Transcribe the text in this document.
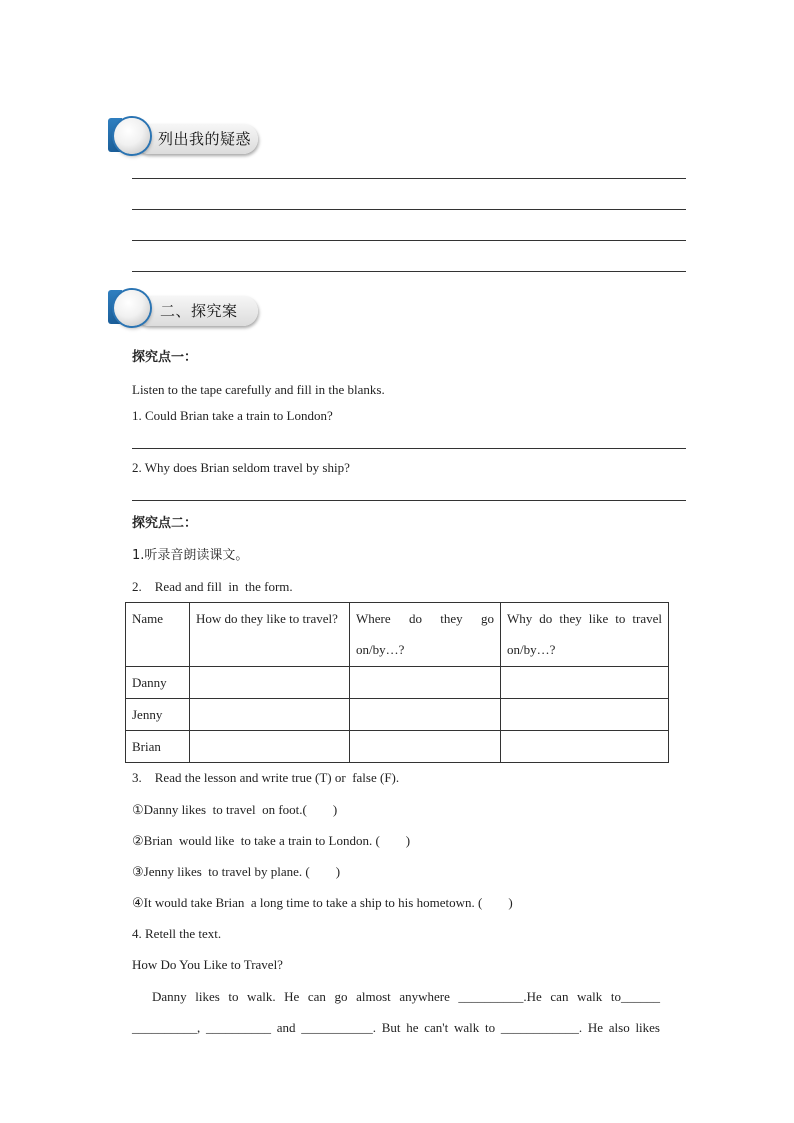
列出我的疑惑
二、探究案
探究点一：
Listen to the tape carefully and fill in the blanks.
1. Could Brian take a train to London?
2. Why does Brian seldom travel by ship?
探究点二：
1.听录音朗读课文。
2.    Read and fill  in  the form.
Name	How do they like to travel?	Where do they go on/by…?	Why do they like to travel on/by…?
Danny			
Jenny			
Brian			
3.    Read the lesson and write true (T) or  false (F).
①Danny likes  to travel  on foot.(        )
②Brian  would like  to take a train to London. (        )
③Jenny likes  to travel by plane. (        )
④It would take Brian  a long time to take a ship to his hometown. (        )
4. Retell the text.
How Do You Like to Travel?
Danny likes to walk. He can go almost anywhere __________.He can walk to______
__________, __________ and ___________. But he can't walk to ____________. He also likes
